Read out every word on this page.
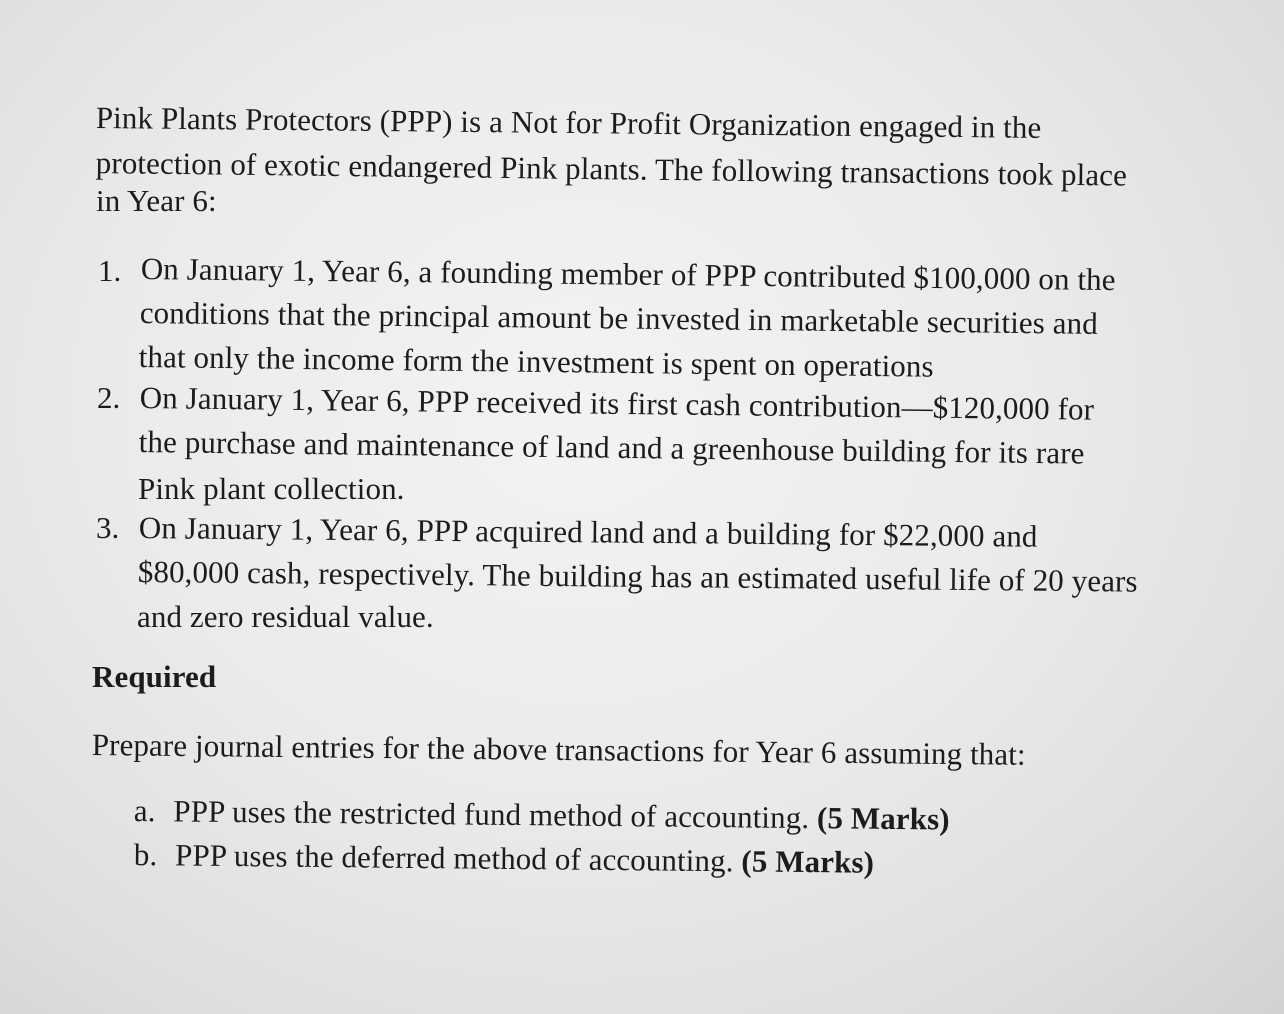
Pink Plants Protectors (PPP) is a Not for Profit Organization engaged in the
protection of exotic endangered Pink plants. The following transactions took place
in Year 6:
1. On January 1, Year 6, a founding member of PPP contributed $100,000 on the
conditions that the principal amount be invested in marketable securities and
that only the income form the investment is spent on operations
2. On January 1, Year 6, PPP received its first cash contribution—$120,000 for
the purchase and maintenance of land and a greenhouse building for its rare
Pink plant collection.
3. On January 1, Year 6, PPP acquired land and a building for $22,000 and
$80,000 cash, respectively. The building has an estimated useful life of 20 years
and zero residual value.
Required
Prepare journal entries for the above transactions for Year 6 assuming that:
a. PPP uses the restricted fund method of accounting. (5 Marks)
b. PPP uses the deferred method of accounting. (5 Marks)
